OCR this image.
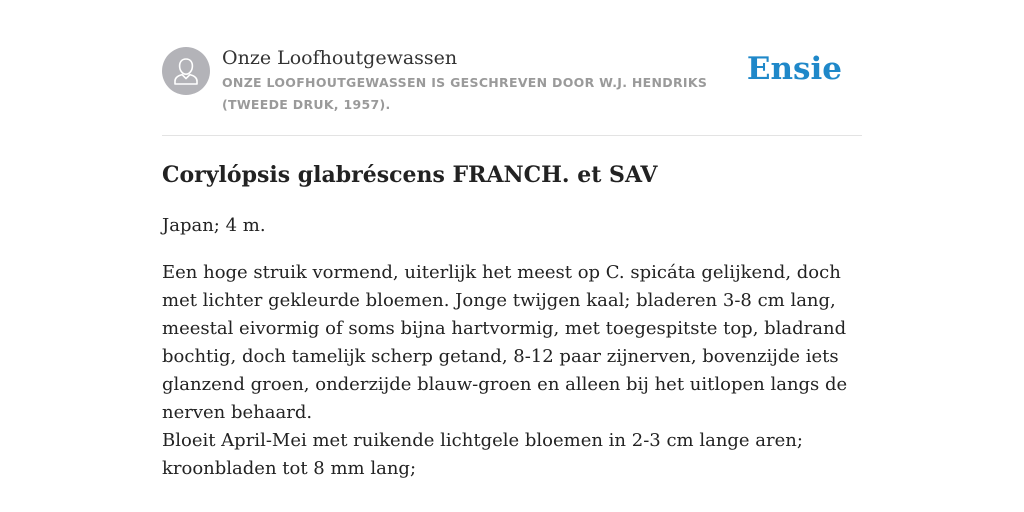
Onze Loofhoutgewassen
ONZE LOOFHOUTGEWASSEN IS GESCHREVEN DOOR W.J. HENDRIKS (TWEEDE DRUK, 1957).
Ensie
Corylópsis glabréscens FRANCH. et SAV

Japan; 4 m.

Een hoge struik vormend, uiterlijk het meest op C. spicáta gelijkend, doch met lichter gekleurde bloemen. Jonge twijgen kaal; bladeren 3-8 cm lang, meestal eivormig of soms bijna hartvormig, met toegespitste top, bladrand bochtig, doch tamelijk scherp getand, 8-12 paar zijnerven, bovenzijde iets glanzend groen, onderzijde blauw-groen en alleen bij het uitlopen langs de nerven behaard.

Bloeit April-Mei met ruikende lichtgele bloemen in 2-3 cm lange aren; kroonbladen tot 8 mm lang;
